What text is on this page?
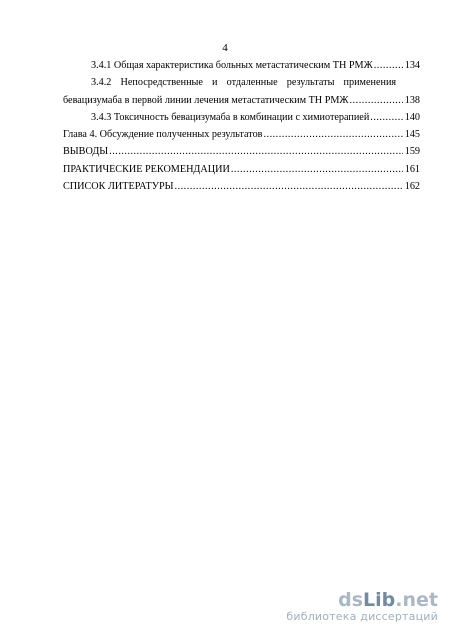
4
3.4.1 Общая характеристика больных метастатическим ТН РМЖ .....	134
3.4.2 Непосредственные и отдаленные результаты применения
бевацизумаба в первой линии лечения метастатическим ТН РМЖ .....	138
3.4.3 Токсичность бевацизумаба в комбинации с химиотерапией .....	140
Глава 4. Обсуждение полученных результатов .....	145
ВЫВОДЫ .....	159
ПРАКТИЧЕСКИЕ РЕКОМЕНДАЦИИ .....	161
СПИСОК ЛИТЕРАТУРЫ .....	162
dsLib.net
библиотека диссертаций
